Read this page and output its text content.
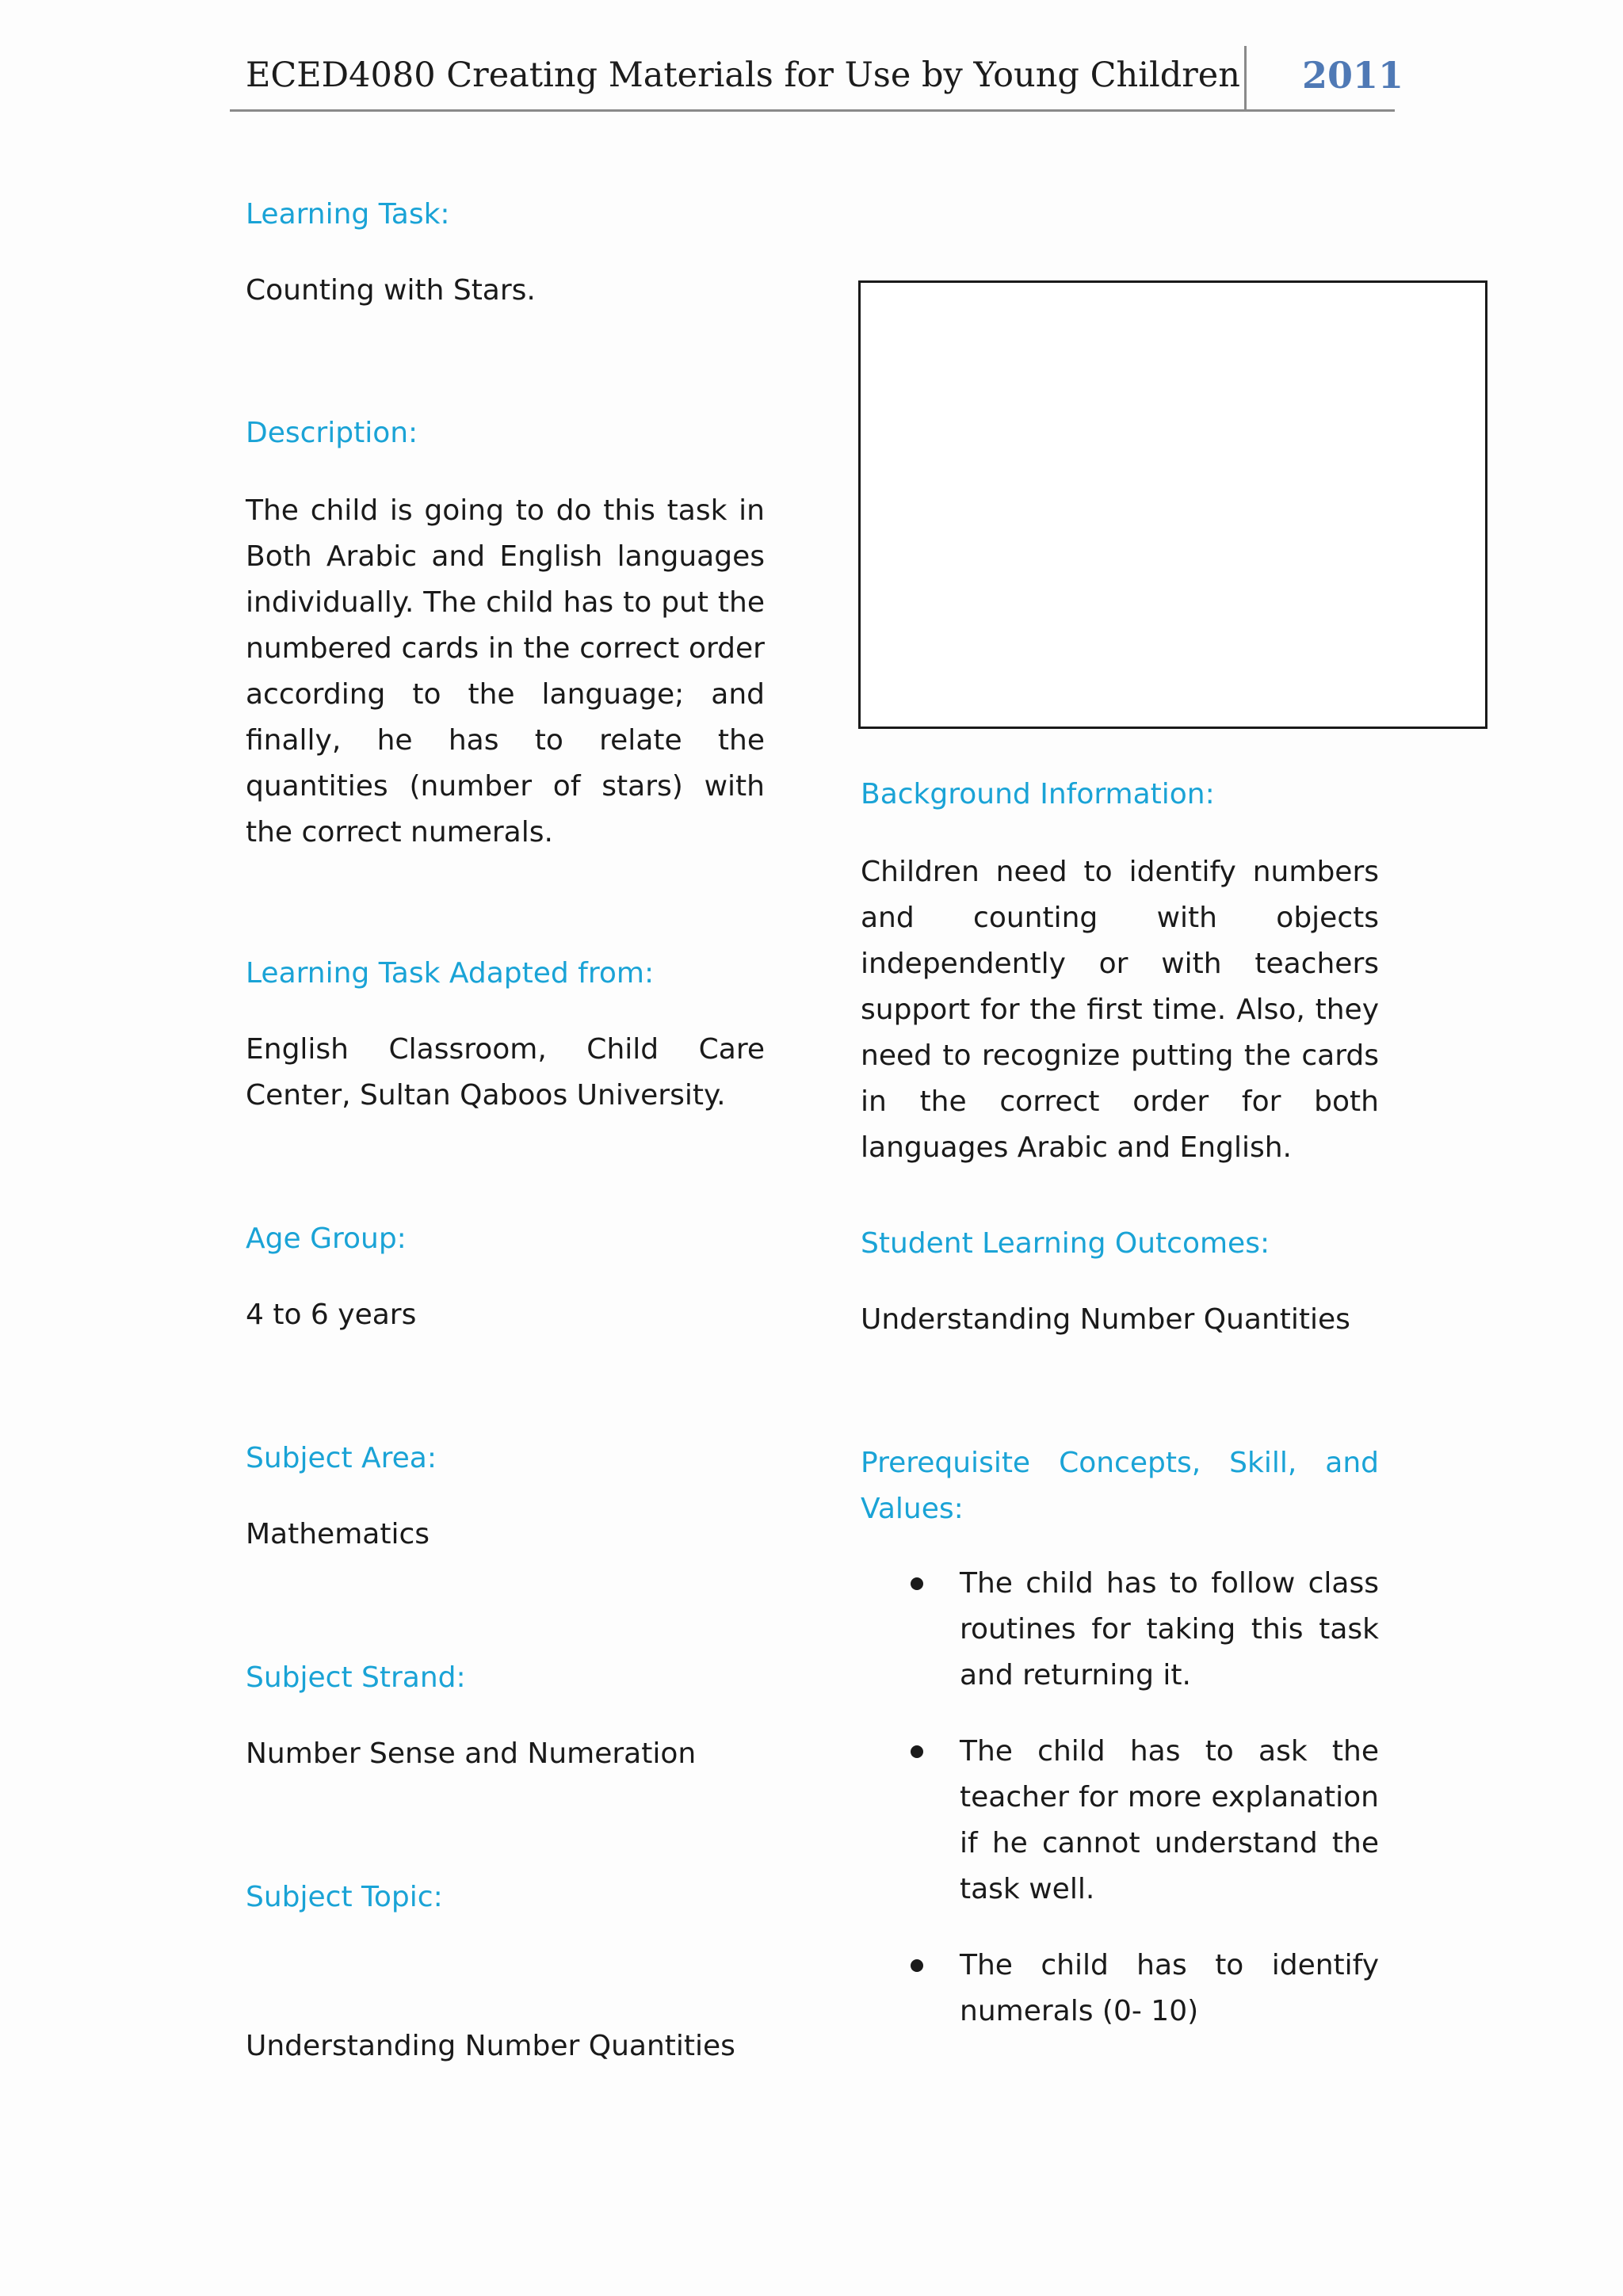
ECED4080 Creating Materials for Use by Young Children 2011
Learning Task:
Counting with Stars.
Description:
The child is going to do this task in Both Arabic and English languages individually. The child has to put the numbered cards in the correct order according to the language; and finally, he has to relate the quantities (number of stars) with the correct numerals.
Learning Task Adapted from:
English Classroom, Child Care Center, Sultan Qaboos University.
Age Group:
4 to 6 years
Subject Area:
Mathematics
Subject Strand:
Number Sense and Numeration
Subject Topic:
Understanding Number Quantities
Background Information:
Children need to identify numbers and counting with objects independently or with teachers support for the first time. Also, they need to recognize putting the cards in the correct order for both languages Arabic and English.
Student Learning Outcomes:
Understanding Number Quantities
Prerequisite Concepts, Skill, and
Values:
The child has to follow class routines for taking this task and returning it.
The child has to ask the teacher for more explanation if he cannot understand the task well.
The child has to identify numerals (0- 10)
